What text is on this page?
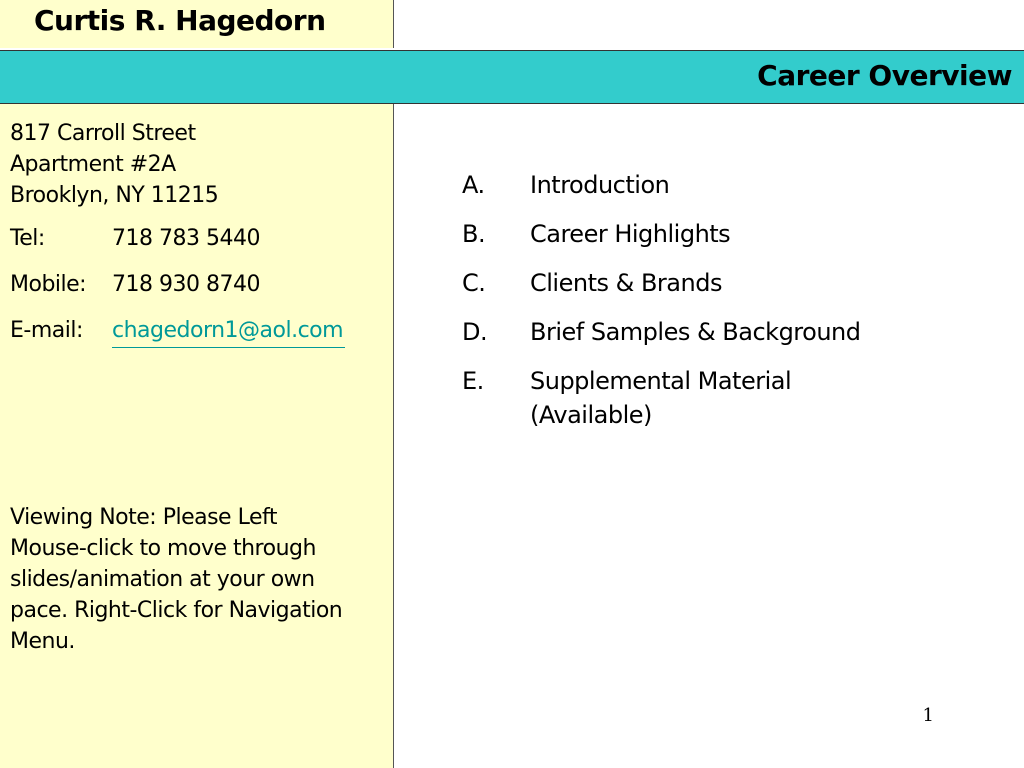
Curtis R. Hagedorn
Career Overview
817 Carroll Street
Apartment #2A
Brooklyn, NY 11215
Tel:	718 783 5440
Mobile: 718 930 8740
E-mail: chagedorn1@aol.com
Viewing Note: Please Left Mouse-click to move through slides/animation at your own pace. Right-Click for Navigation Menu.
A.	Introduction
B.	Career Highlights
C.	Clients & Brands
D.	Brief Samples & Background
E.	Supplemental Material
(Available)
1
